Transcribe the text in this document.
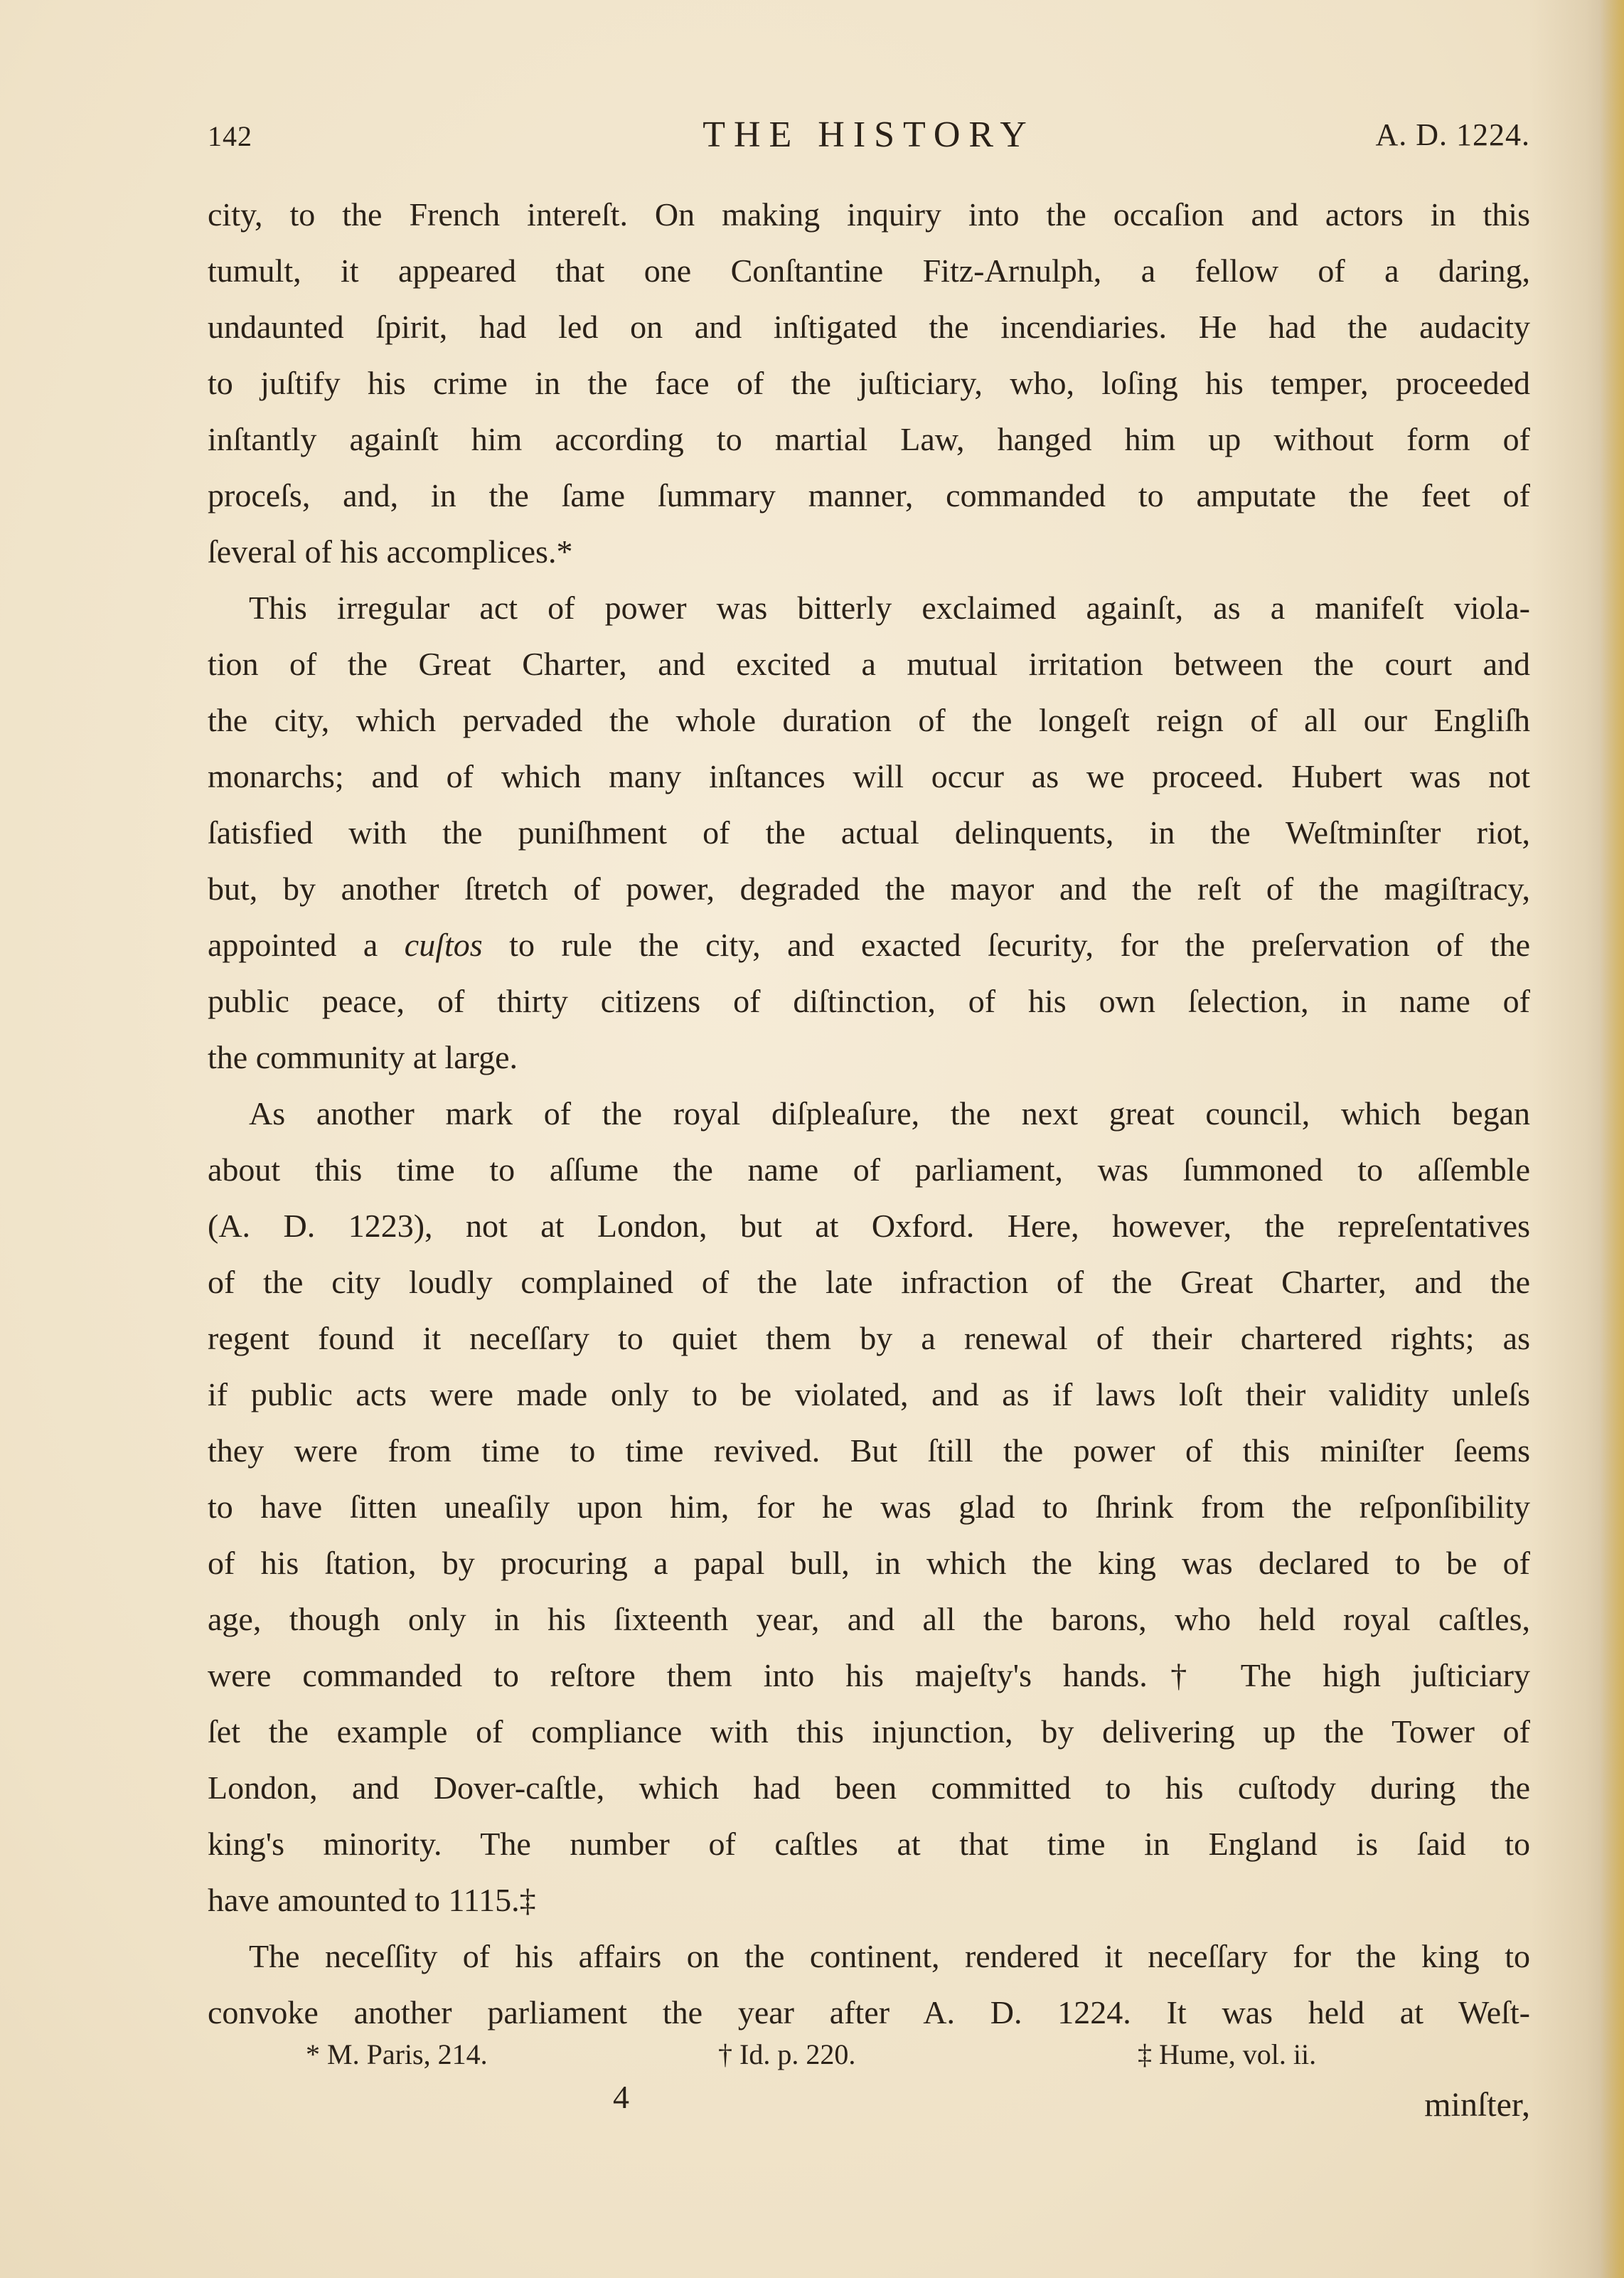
142	THE HISTORY	A. D. 1224.
city, to the French intereſt. On making inquiry into the occaſion and actors in this
tumult, it appeared that one Conſtantine Fitz-Arnulph, a fellow of a daring,
undaunted ſpirit, had led on and inſtigated the incendiaries. He had the audacity
to juſtify his crime in the face of the juſticiary, who, loſing his temper, proceeded
inſtantly againſt him according to martial Law, hanged him up without form of
proceſs, and, in the ſame ſummary manner, commanded to amputate the feet of
ſeveral of his accomplices.*
This irregular act of power was bitterly exclaimed againſt, as a manifeſt viola-
tion of the Great Charter, and excited a mutual irritation between the court and
the city, which pervaded the whole duration of the longeſt reign of all our Engliſh
monarchs; and of which many inſtances will occur as we proceed. Hubert was not
ſatisfied with the puniſhment of the actual delinquents, in the Weſtminſter riot,
but, by another ſtretch of power, degraded the mayor and the reſt of the magiſtracy,
appointed a cuſtos to rule the city, and exacted ſecurity, for the preſervation of the
public peace, of thirty citizens of diſtinction, of his own ſelection, in name of
the community at large.
As another mark of the royal diſpleaſure, the next great council, which began
about this time to aſſume the name of parliament, was ſummoned to aſſemble
(A. D. 1223), not at London, but at Oxford. Here, however, the repreſentatives
of the city loudly complained of the late infraction of the Great Charter, and the
regent found it neceſſary to quiet them by a renewal of their chartered rights; as
if public acts were made only to be violated, and as if laws loſt their validity unleſs
they were from time to time revived. But ſtill the power of this miniſter ſeems
to have ſitten uneaſily upon him, for he was glad to ſhrink from the reſponſibility
of his ſtation, by procuring a papal bull, in which the king was declared to be of
age, though only in his ſixteenth year, and all the barons, who held royal caſtles,
were commanded to reſtore them into his majeſty's hands.† The high juſticiary
ſet the example of compliance with this injunction, by delivering up the Tower of
London, and Dover-caſtle, which had been committed to his cuſtody during the
king's minority. The number of caſtles at that time in England is ſaid to
have amounted to 1115.‡
The neceſſity of his affairs on the continent, rendered it neceſſary for the king to
convoke another parliament the year after A. D. 1224. It was held at Weſt-
* M. Paris, 214.	† Id. p. 220.	‡ Hume, vol. ii.
4	minſter,
